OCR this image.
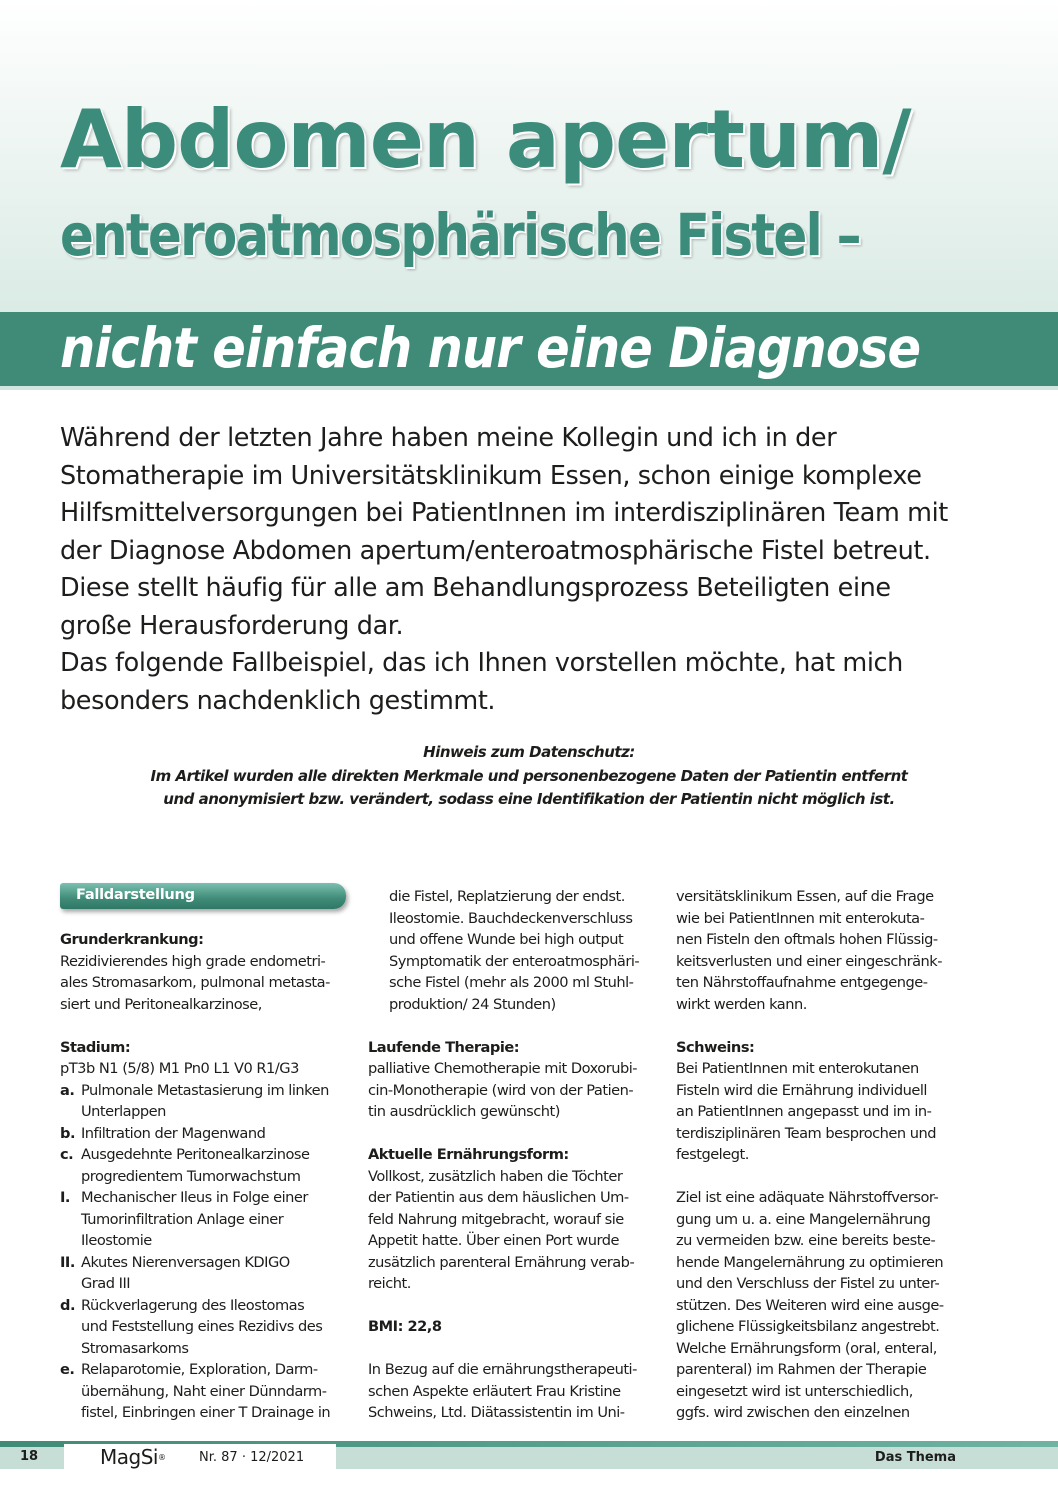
Abdomen apertum/
enteroatmosphärische Fistel –
nicht einfach nur eine Diagnose

Während der letzten Jahre haben meine Kollegin und ich in der Stomatherapie im Universitätsklinikum Essen, schon einige komplexe Hilfsmittelversorgungen bei PatientInnen im interdisziplinären Team mit der Diagnose Abdomen apertum/enteroatmosphärische Fistel betreut. Diese stellt häufig für alle am Behandlungsprozess Beteiligten eine große Herausforderung dar.

Das folgende Fallbeispiel, das ich Ihnen vorstellen möchte, hat mich besonders nachdenklich gestimmt.

Hinweis zum Datenschutz:
Im Artikel wurden alle direkten Merkmale und personenbezogene Daten der Patientin entfernt
und anonymisiert bzw. verändert, sodass eine Identifikation der Patientin nicht möglich ist.
Falldarstellung
Grunderkrankung:
Rezidivierendes high grade endometri-
ales Stromasarkom, pulmonal metasta-
siert und Peritonealkarzinose,
Stadium:
pT3b N1 (5/8) M1 Pn0 L1 V0 R1/G3
a. Pulmonale Metastasierung im linken
Unterlappen
b. Infiltration der Magenwand
c. Ausgedehnte Peritonealkarzinose
progredientem Tumorwachstum
I. Mechanischer Ileus in Folge einer
Tumorinfiltration Anlage einer
Ileostomie
II. Akutes Nierenversagen KDIGO
Grad III
d. Rückverlagerung des Ileostomas
und Feststellung eines Rezidivs des
Stromasarkoms
e. Relaparotomie, Exploration, Darm-
übernähung, Naht einer Dünndarm-
fistel, Einbringen einer T Drainage in
die Fistel, Replatzierung der endst.
Ileostomie. Bauchdeckenverschluss
und offene Wunde bei high output
Symptomatik der enteroatmosphäri-
sche Fistel (mehr als 2000 ml Stuhl-
produktion/ 24 Stunden)
Laufende Therapie:
palliative Chemotherapie mit Doxorubi-
cin-Monotherapie (wird von der Patien-
tin ausdrücklich gewünscht)
Aktuelle Ernährungsform:
Vollkost, zusätzlich haben die Töchter
der Patientin aus dem häuslichen Um-
feld Nahrung mitgebracht, worauf sie
Appetit hatte. Über einen Port wurde
zusätzlich parenteral Ernährung verab-
reicht.
BMI: 22,8
In Bezug auf die ernährungstherapeuti-
schen Aspekte erläutert Frau Kristine
Schweins, Ltd. Diätassistentin im Uni-
versitätsklinikum Essen, auf die Frage
wie bei PatientInnen mit enterokuta-
nen Fisteln den oftmals hohen Flüssig-
keitsverlusten und einer eingeschränk-
ten Nährstoffaufnahme entgegenge-
wirkt werden kann.
Schweins:
Bei PatientInnen mit enterokutanen
Fisteln wird die Ernährung individuell
an PatientInnen angepasst und im in-
terdisziplinären Team besprochen und
festgelegt.
Ziel ist eine adäquate Nährstoffversor-
gung um u. a. eine Mangelernährung
zu vermeiden bzw. eine bereits beste-
hende Mangelernährung zu optimieren
und den Verschluss der Fistel zu unter-
stützen. Des Weiteren wird eine ausge-
glichene Flüssigkeitsbilanz angestrebt.
Welche Ernährungsform (oral, enteral,
parenteral) im Rahmen der Therapie
eingesetzt wird ist unterschiedlich,
ggfs. wird zwischen den einzelnen
18	MagSi®	Nr. 87 · 12/2021	Das Thema
